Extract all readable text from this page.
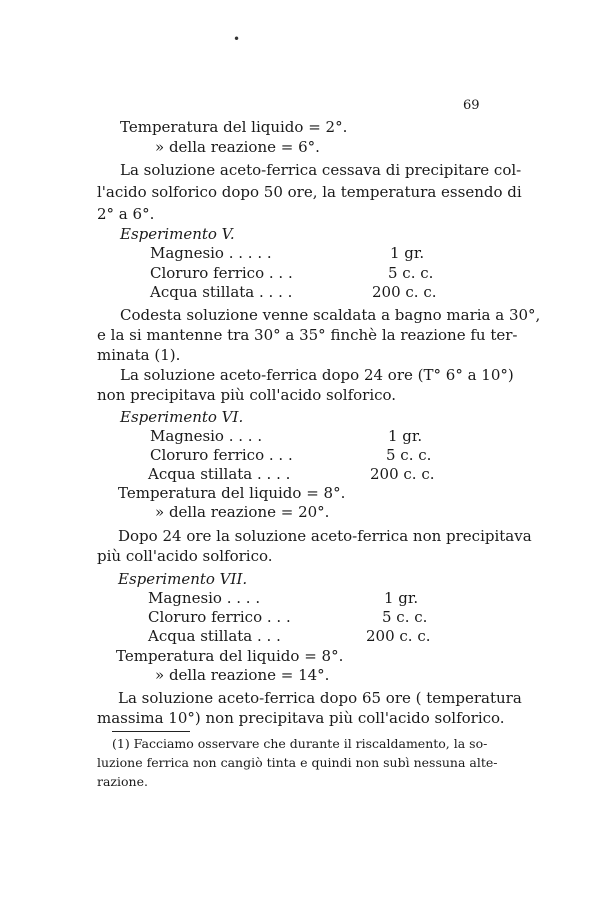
•
69
Temperatura del liquido = 2°.
» della reazione = 6°.
La soluzione aceto-ferrica cessava di precipitare col-
l'acido solforico dopo 50 ore, la temperatura essendo di
2° a 6°.
Esperimento V.
Magnesio . . . . .	1 gr.
Cloruro ferrico . . .	5 c. c.
Acqua stillata . . . .	200 c. c.
Codesta soluzione venne scaldata a bagno maria a 30°,
e la si mantenne tra 30° a 35° finchè la reazione fu ter-
minata (1).
La soluzione aceto-ferrica dopo 24 ore (T° 6° a 10°)
non precipitava più coll'acido solforico.
Esperimento VI.
Magnesio . . . .	1 gr.
Cloruro ferrico . . .	5 c. c.
Acqua stillata . . . .	200 c. c.
Temperatura del liquido = 8°.
» della reazione = 20°.
Dopo 24 ore la soluzione aceto-ferrica non precipitava
più coll'acido solforico.
Esperimento VII.
Magnesio . . . .	1 gr.
Cloruro ferrico . . .	5 c. c.
Acqua stillata . . .	200 c. c.
Temperatura del liquido = 8°.
» della reazione = 14°.
La soluzione aceto-ferrica dopo 65 ore ( temperatura
massima 10°) non precipitava più coll'acido solforico.
(1) Facciamo osservare che durante il riscaldamento, la so-
luzione ferrica non cangiò tinta e quindi non subì nessuna alte-
razione.
